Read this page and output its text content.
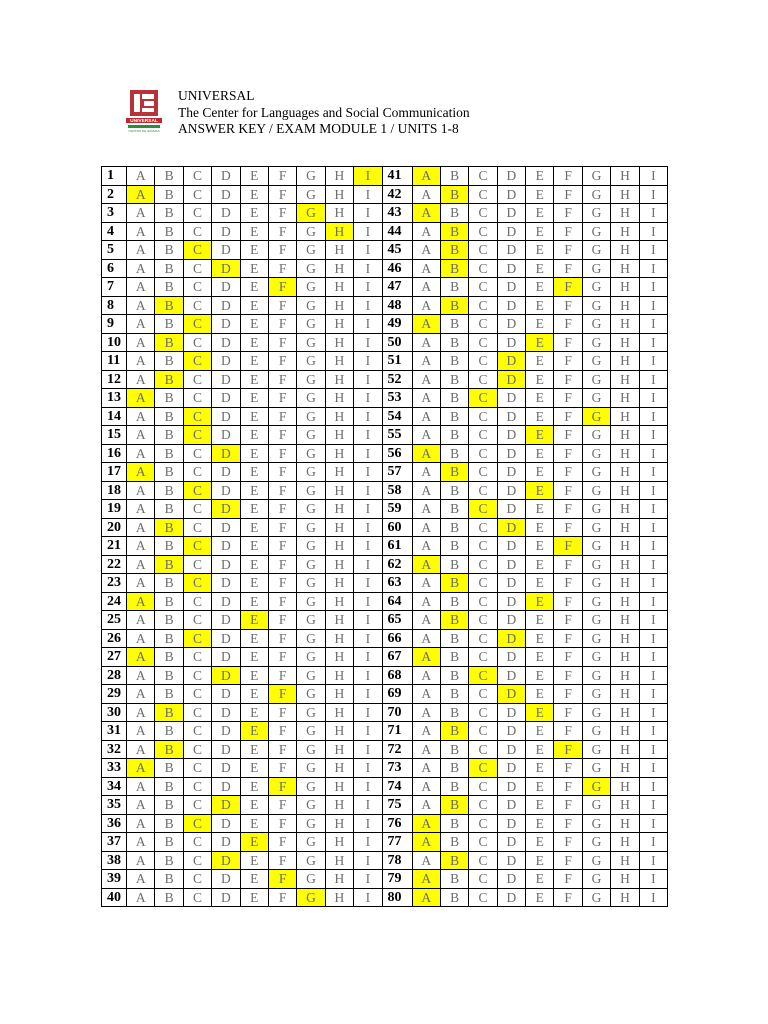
UNIVERSAL
CENTRO DE IDIOMAS
UNIVERSAL
The Center for Languages and Social Communication
ANSWER KEY / EXAM MODULE 1 / UNITS 1-8
1	A	B	C	D	E	F	G	H	I	41	A	B	C	D	E	F	G	H	I
2	A	B	C	D	E	F	G	H	I	42	A	B	C	D	E	F	G	H	I
3	A	B	C	D	E	F	G	H	I	43	A	B	C	D	E	F	G	H	I
4	A	B	C	D	E	F	G	H	I	44	A	B	C	D	E	F	G	H	I
5	A	B	C	D	E	F	G	H	I	45	A	B	C	D	E	F	G	H	I
6	A	B	C	D	E	F	G	H	I	46	A	B	C	D	E	F	G	H	I
7	A	B	C	D	E	F	G	H	I	47	A	B	C	D	E	F	G	H	I
8	A	B	C	D	E	F	G	H	I	48	A	B	C	D	E	F	G	H	I
9	A	B	C	D	E	F	G	H	I	49	A	B	C	D	E	F	G	H	I
10	A	B	C	D	E	F	G	H	I	50	A	B	C	D	E	F	G	H	I
11	A	B	C	D	E	F	G	H	I	51	A	B	C	D	E	F	G	H	I
12	A	B	C	D	E	F	G	H	I	52	A	B	C	D	E	F	G	H	I
13	A	B	C	D	E	F	G	H	I	53	A	B	C	D	E	F	G	H	I
14	A	B	C	D	E	F	G	H	I	54	A	B	C	D	E	F	G	H	I
15	A	B	C	D	E	F	G	H	I	55	A	B	C	D	E	F	G	H	I
16	A	B	C	D	E	F	G	H	I	56	A	B	C	D	E	F	G	H	I
17	A	B	C	D	E	F	G	H	I	57	A	B	C	D	E	F	G	H	I
18	A	B	C	D	E	F	G	H	I	58	A	B	C	D	E	F	G	H	I
19	A	B	C	D	E	F	G	H	I	59	A	B	C	D	E	F	G	H	I
20	A	B	C	D	E	F	G	H	I	60	A	B	C	D	E	F	G	H	I
21	A	B	C	D	E	F	G	H	I	61	A	B	C	D	E	F	G	H	I
22	A	B	C	D	E	F	G	H	I	62	A	B	C	D	E	F	G	H	I
23	A	B	C	D	E	F	G	H	I	63	A	B	C	D	E	F	G	H	I
24	A	B	C	D	E	F	G	H	I	64	A	B	C	D	E	F	G	H	I
25	A	B	C	D	E	F	G	H	I	65	A	B	C	D	E	F	G	H	I
26	A	B	C	D	E	F	G	H	I	66	A	B	C	D	E	F	G	H	I
27	A	B	C	D	E	F	G	H	I	67	A	B	C	D	E	F	G	H	I
28	A	B	C	D	E	F	G	H	I	68	A	B	C	D	E	F	G	H	I
29	A	B	C	D	E	F	G	H	I	69	A	B	C	D	E	F	G	H	I
30	A	B	C	D	E	F	G	H	I	70	A	B	C	D	E	F	G	H	I
31	A	B	C	D	E	F	G	H	I	71	A	B	C	D	E	F	G	H	I
32	A	B	C	D	E	F	G	H	I	72	A	B	C	D	E	F	G	H	I
33	A	B	C	D	E	F	G	H	I	73	A	B	C	D	E	F	G	H	I
34	A	B	C	D	E	F	G	H	I	74	A	B	C	D	E	F	G	H	I
35	A	B	C	D	E	F	G	H	I	75	A	B	C	D	E	F	G	H	I
36	A	B	C	D	E	F	G	H	I	76	A	B	C	D	E	F	G	H	I
37	A	B	C	D	E	F	G	H	I	77	A	B	C	D	E	F	G	H	I
38	A	B	C	D	E	F	G	H	I	78	A	B	C	D	E	F	G	H	I
39	A	B	C	D	E	F	G	H	I	79	A	B	C	D	E	F	G	H	I
40	A	B	C	D	E	F	G	H	I	80	A	B	C	D	E	F	G	H	I
